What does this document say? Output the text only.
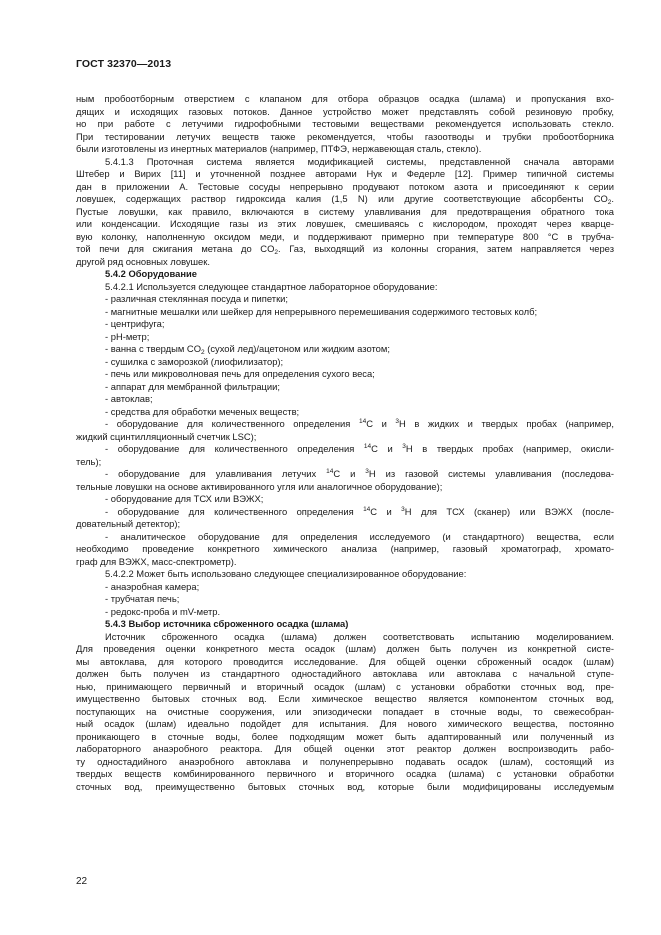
ГОСТ 32370—2013
ным пробоотборным отверстием с клапаном для отбора образцов осадка (шлама) и пропускания вхо-
дящих и исходящих газовых потоков. Данное устройство может представлять собой резиновую пробку,
но при работе с летучими гидрофобными тестовыми веществами рекомендуется использовать стекло.
При тестировании летучих веществ также рекомендуется, чтобы газоотводы и трубки пробоотборника
были изготовлены из инертных материалов (например, ПТФЭ, нержавеющая сталь, стекло).
5.4.1.3 Проточная система является модификацией системы, представленной сначала авторами
Штебер и Вирих [11] и уточненной позднее авторами Нук и Федерле [12]. Пример типичной системы
дан в приложении А. Тестовые сосуды непрерывно продувают потоком азота и присоединяют к серии
ловушек, содержащих раствор гидроксида калия (1,5 N) или другие соответствующие абсорбенты $CO_2$.
Пустые ловушки, как правило, включаются в систему улавливания для предотвращения обратного тока
или конденсации. Исходящие газы из этих ловушек, смешиваясь с кислородом, проходят через кварце-
вую колонку, наполненную оксидом меди, и поддерживают примерно при температуре 800 °С в трубча-
той печи для сжигания метана до $CO_2$. Газ, выходящий из колонны сгорания, затем направляется через
другой ряд основных ловушек.
5.4.2 Оборудование
5.4.2.1 Используется следующее стандартное лабораторное оборудование:
- различная стеклянная посуда и пипетки;
- магнитные мешалки или шейкер для непрерывного перемешивания содержимого тестовых колб;
- центрифуга;
- pH-метр;
- ванна с твердым $CO_2$ (сухой лед)/ацетоном или жидким азотом;
- сушилка с заморозкой (лиофилизатор);
- печь или микроволновая печь для определения сухого веса;
- аппарат для мембранной фильтрации;
- автоклав;
- средства для обработки меченых веществ;
- оборудование для количественного определения $^{14}$С и $^3$Н в жидких и твердых пробах (например,
жидкий сцинтилляционный счетчик LSC);
- оборудование для количественного определения $^{14}$С и $^3$Н в твердых пробах (например, окисли-
тель);
- оборудование для улавливания летучих $^{14}$С и $^3$Н из газовой системы улавливания (последова-
тельные ловушки на основе активированного угля или аналогичное оборудование);
- оборудование для ТСХ или ВЭЖХ;
- оборудование для количественного определения $^{14}$С и $^3$Н для ТСХ (сканер) или ВЭЖХ (после-
довательный детектор);
- аналитическое оборудование для определения исследуемого (и стандартного) вещества, если
необходимо проведение конкретного химического анализа (например, газовый хроматограф, хромато-
граф для ВЭЖХ, масс-спектрометр).
5.4.2.2 Может быть использовано следующее специализированное оборудование:
- анаэробная камера;
- трубчатая печь;
- редокс-проба и mV-метр.
5.4.3 Выбор источника сброженного осадка (шлама)
Источник сброженного осадка (шлама) должен соответствовать испытанию моделированием.
Для проведения оценки конкретного места осадок (шлам) должен быть получен из конкретной систе-
мы автоклава, для которого проводится исследование. Для общей оценки сброженный осадок (шлам)
должен быть получен из стандартного одностадийного автоклава или автоклава с начальной ступе-
нью, принимающего первичный и вторичный осадок (шлам) с установки обработки сточных вод, пре-
имущественно бытовых сточных вод. Если химическое вещество является компонентом сточных вод,
поступающих на очистные сооружения, или эпизодически попадает в сточные воды, то свежесобран-
ный осадок (шлам) идеально подойдет для испытания. Для нового химического вещества, постоянно
проникающего в сточные воды, более подходящим может быть адаптированный или полученный из
лабораторного анаэробного реактора. Для общей оценки этот реактор должен воспроизводить рабо-
ту одностадийного анаэробного автоклава и полунепрерывно подавать осадок (шлам), состоящий из
твердых веществ комбинированного первичного и вторичного осадка (шлама) с установки обработки
сточных вод, преимущественно бытовых сточных вод, которые были модифицированы исследуемым
22
